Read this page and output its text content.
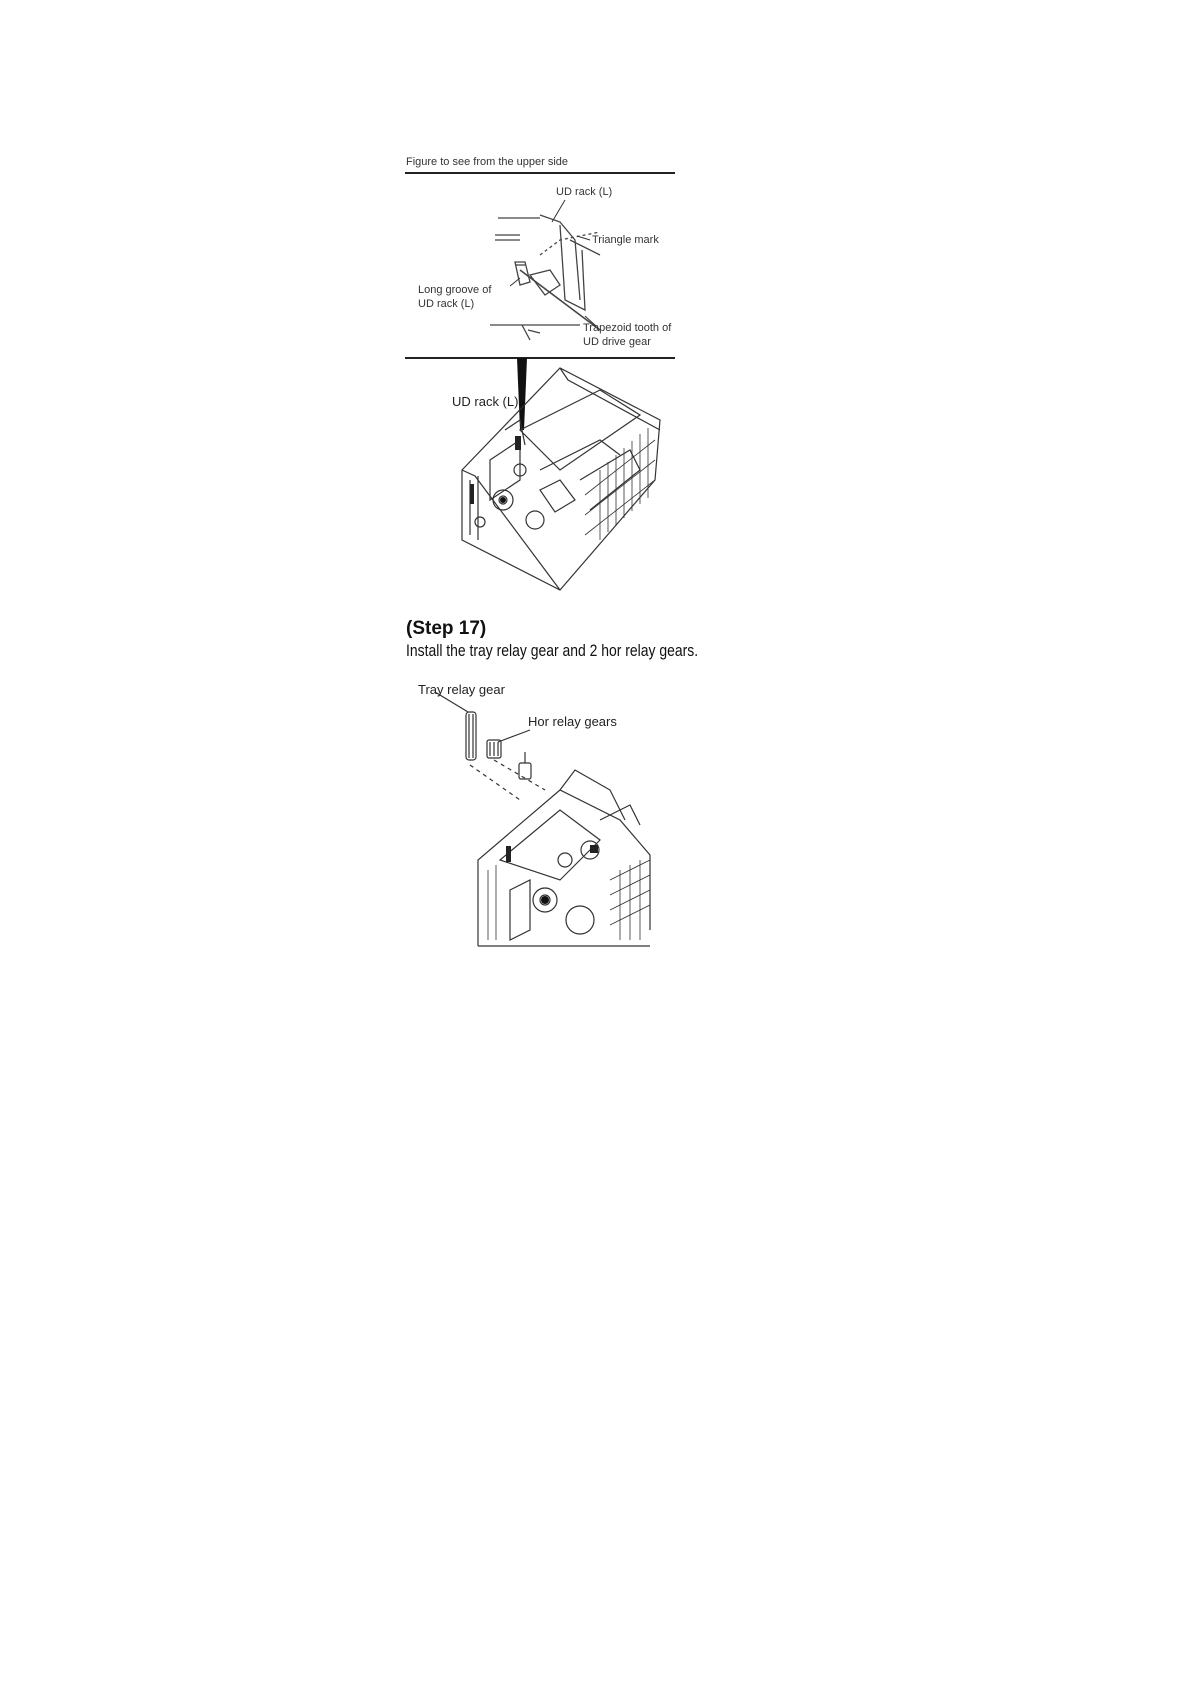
Figure to see from the upper side
UD rack (L)
Triangle mark
Long groove of
UD rack (L)
Trapezoid tooth of
UD drive gear
UD rack (L)
(Step 17)
Install the tray relay gear and 2 hor relay gears.
Tray relay gear
Hor relay gears
